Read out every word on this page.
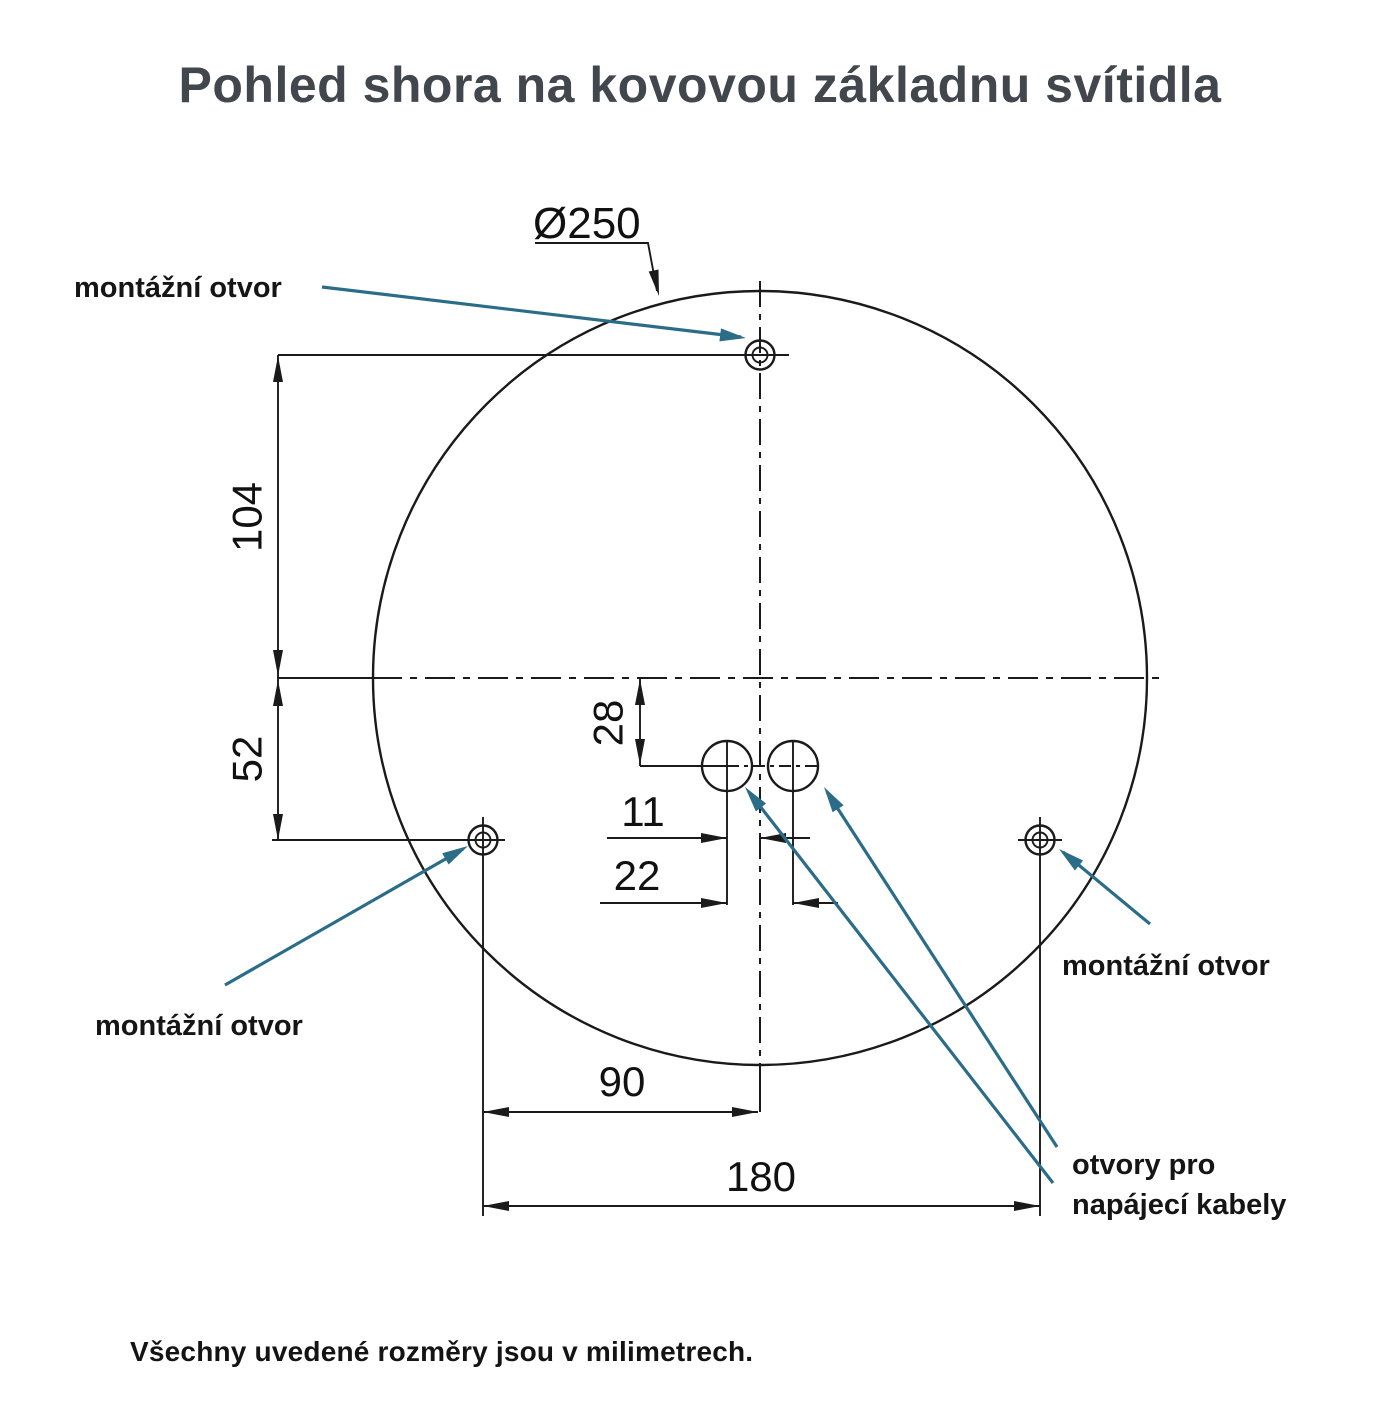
Pohled shora na kovovou základnu svítidla
104
52
28
11
22
90
180
Ø250
montážní otvor
montážní otvor
montážní otvor
otvory pro
napájecí kabely
Všechny uvedené rozměry jsou v milimetrech.
